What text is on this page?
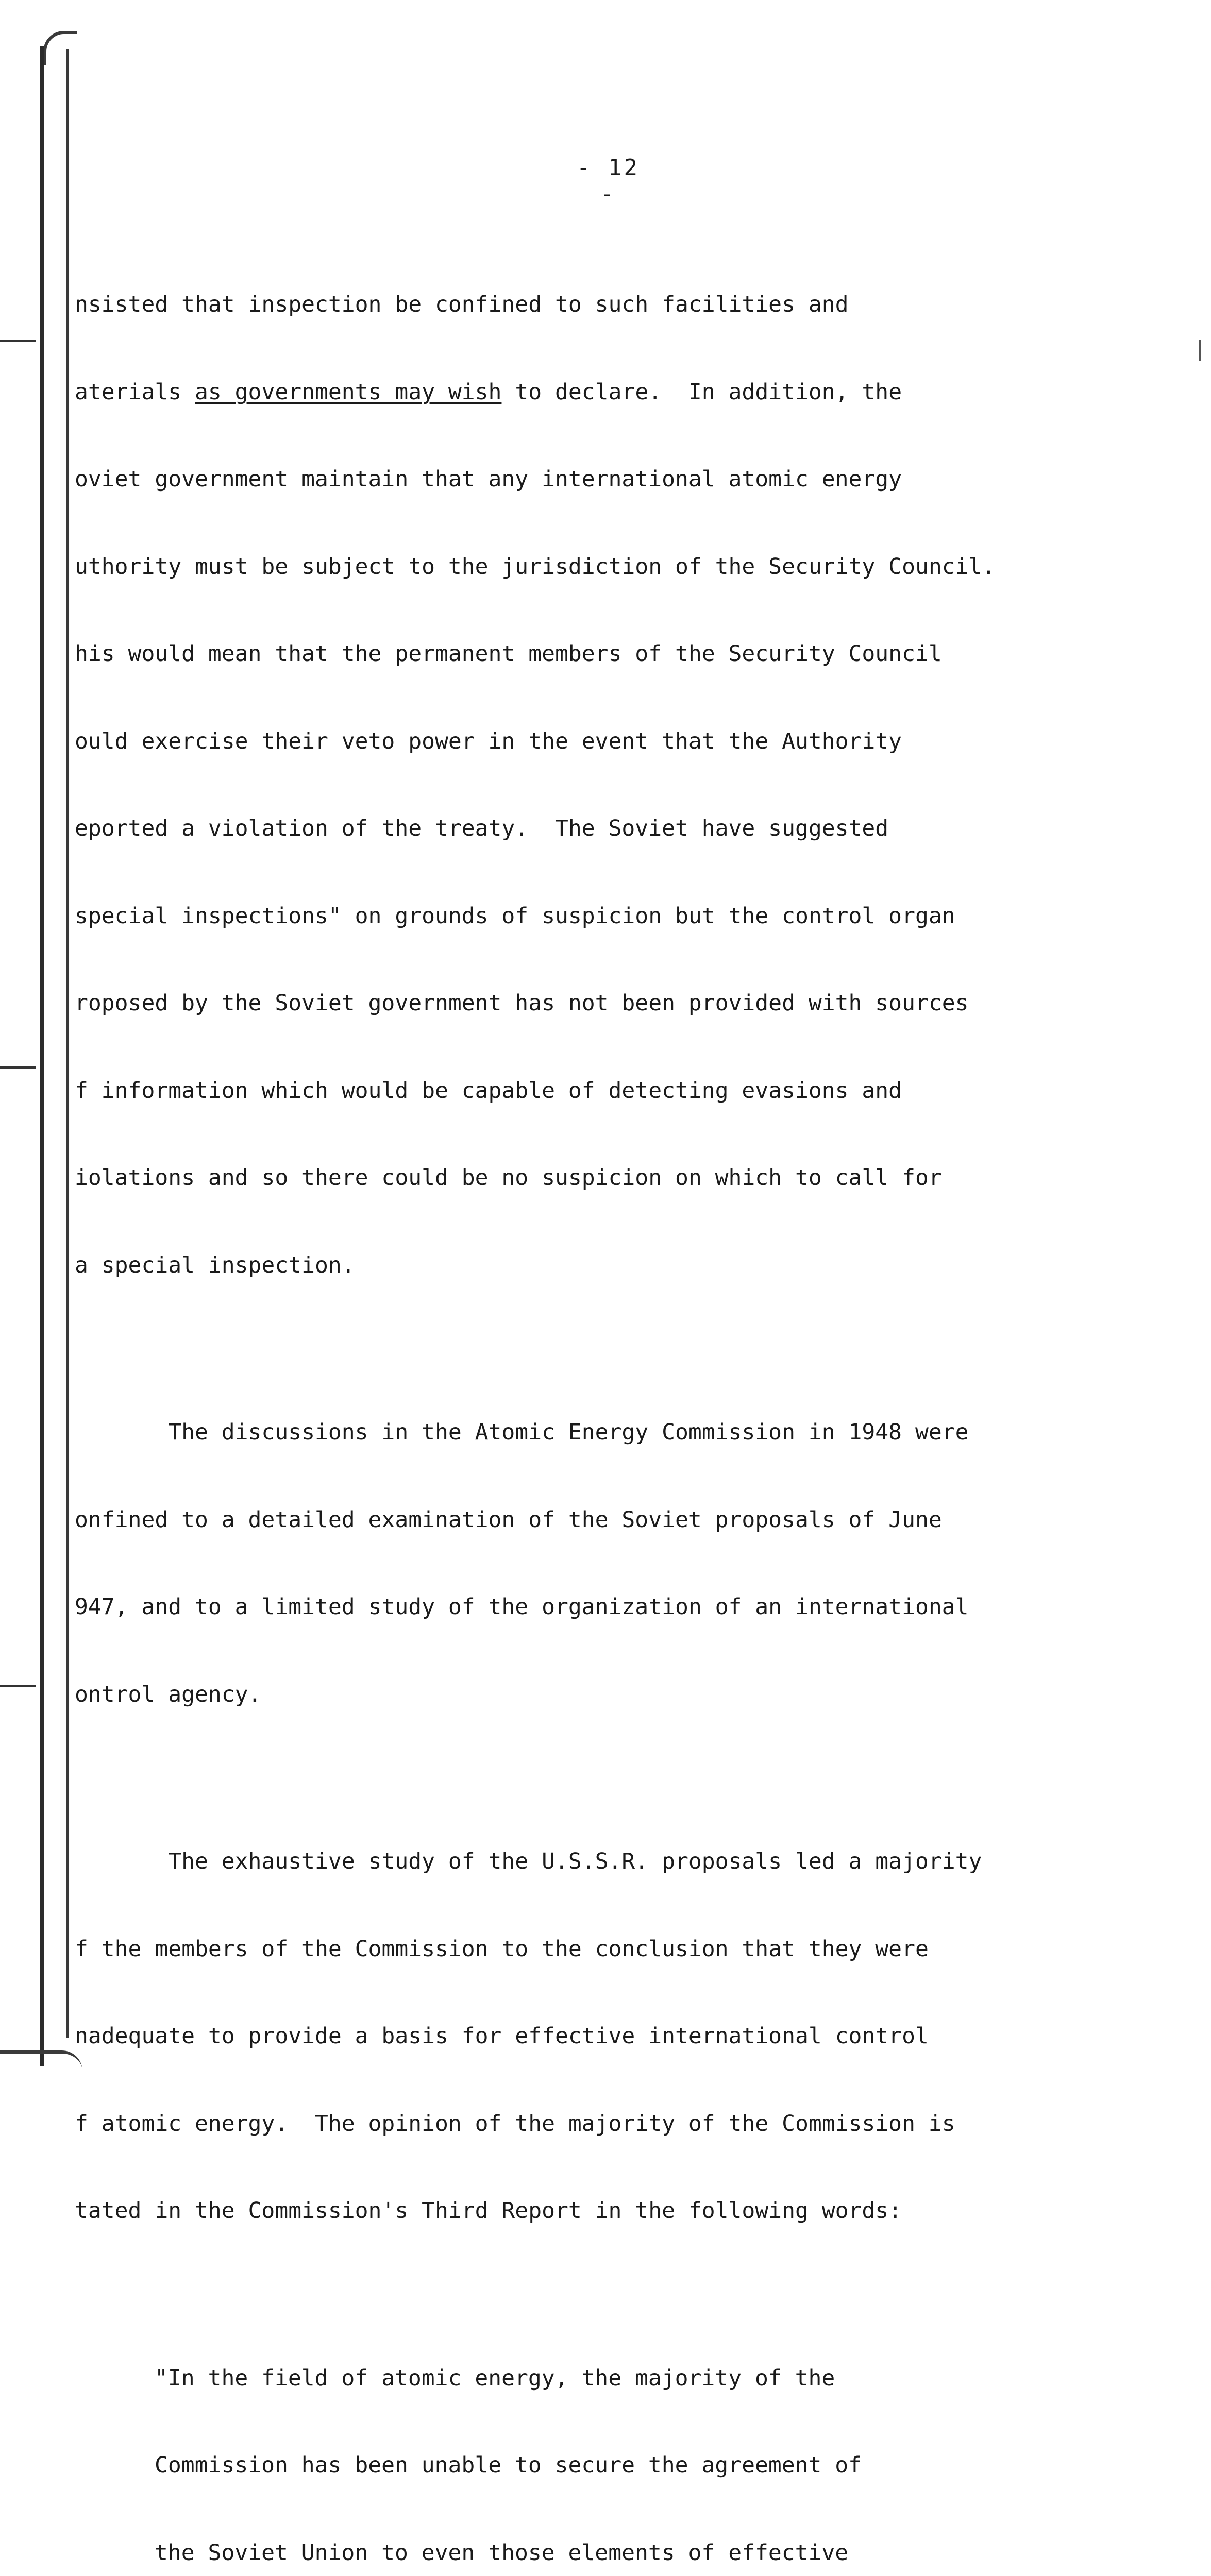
- 12 -

nsisted that inspection be confined to such facilities and

aterials as governments may wish to declare.  In addition, the

oviet government maintain that any international atomic energy

uthority must be subject to the jurisdiction of the Security Council.

his would mean that the permanent members of the Security Council

ould exercise their veto power in the event that the Authority

eported a violation of the treaty.  The Soviet have suggested

special inspections" on grounds of suspicion but the control organ

roposed by the Soviet government has not been provided with sources

f information which would be capable of detecting evasions and

iolations and so there could be no suspicion on which to call for

a special inspection.

The discussions in the Atomic Energy Commission in 1948 were

onfined to a detailed examination of the Soviet proposals of June

947, and to a limited study of the organization of an international

ontrol agency.

The exhaustive study of the U.S.S.R. proposals led a majority

f the members of the Commission to the conclusion that they were

nadequate to provide a basis for effective international control

f atomic energy.  The opinion of the majority of the Commission is

tated in the Commission's Third Report in the following words:

"In the field of atomic energy, the majority of the

Commission has been unable to secure the agreement of

the Soviet Union to even those elements of effective
